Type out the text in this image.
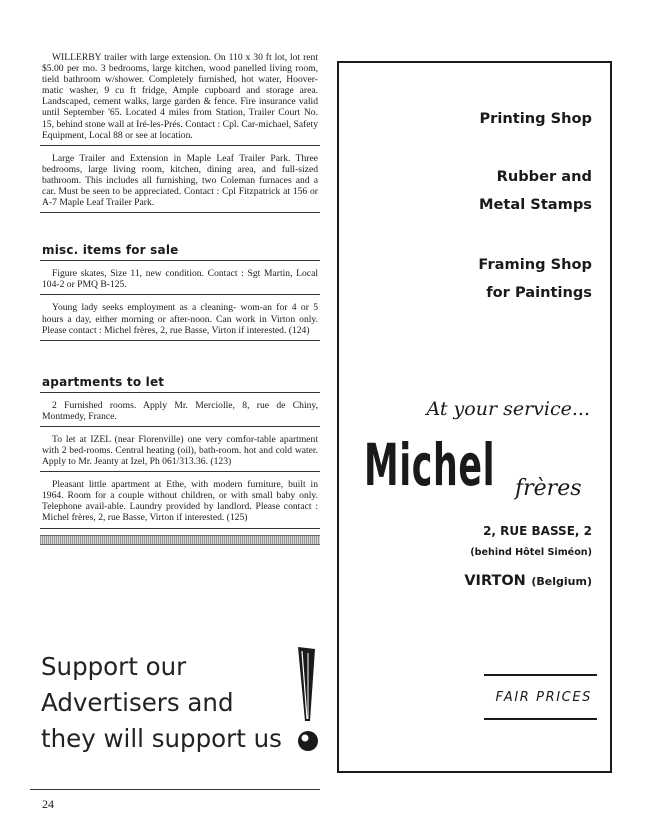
WILLERBY trailer with large extension. On 110 x 30 ft lot, lot rent $5.00 per mo. 3 bedrooms, large kitchen, wood panelled living room, tield bathroom w/shower. Completely furnished, hot water, Hoover-matic washer, 9 cu ft fridge, Ample cupboard and storage area. Landscaped, cement walks, large garden & fence. Fire insurance valid until September '65. Located 4 miles from Station, Trailer Court No. 15, behind stone wall at Iré-les-Prés. Contact : Cpl. Car-michael, Safety Equipment, Local 88 or see at location.

Large Trailer and Extension in Maple Leaf Trailer Park. Three bedrooms, large living room, kitchen, dining area, and full-sized bathroom. This includes all furnishing, two Coleman furnaces and a car. Must be seen to be appreciated. Contact : Cpl Fitzpatrick at 156 or A-7 Maple Leaf Trailer Park.

misc. items for sale

Figure skates, Size 11, new condition. Contact : Sgt Martin, Local 104-2 or PMQ B-125.

Young lady seeks employment as a cleaning- wom-an for 4 or 5 hours a day, either morning or after-noon. Can work in Virton only. Please contact : Michel frères, 2, rue Basse, Virton if interested. (124)

apartments to let

2 Furnished rooms. Apply Mr. Merciolle, 8, rue de Chiny, Montmedy, France.

To let at IZEL (near Florenville) one very comfor-table apartment with 2 bed-rooms. Central heating (oil), bath-room. hot and cold water. Apply to Mr. Jeanty at Izel, Ph 061/313.36. (123)

Pleasant little apartment at Ethe, with modern furniture, built in 1964. Room for a couple without children, or with small baby only. Telephone avail-able. Laundry provided by landlord. Please contact : Michel frères, 2, rue Basse, Virton if interested. (125)

Support our
Advertisers and
they will support us
24
Printing Shop
Rubber and
Metal Stamps
Framing Shop
for Paintings
At your service...
Michel frères
2, RUE BASSE, 2
(behind Hôtel Siméon)
VIRTON (Belgium)
FAIR PRICES
